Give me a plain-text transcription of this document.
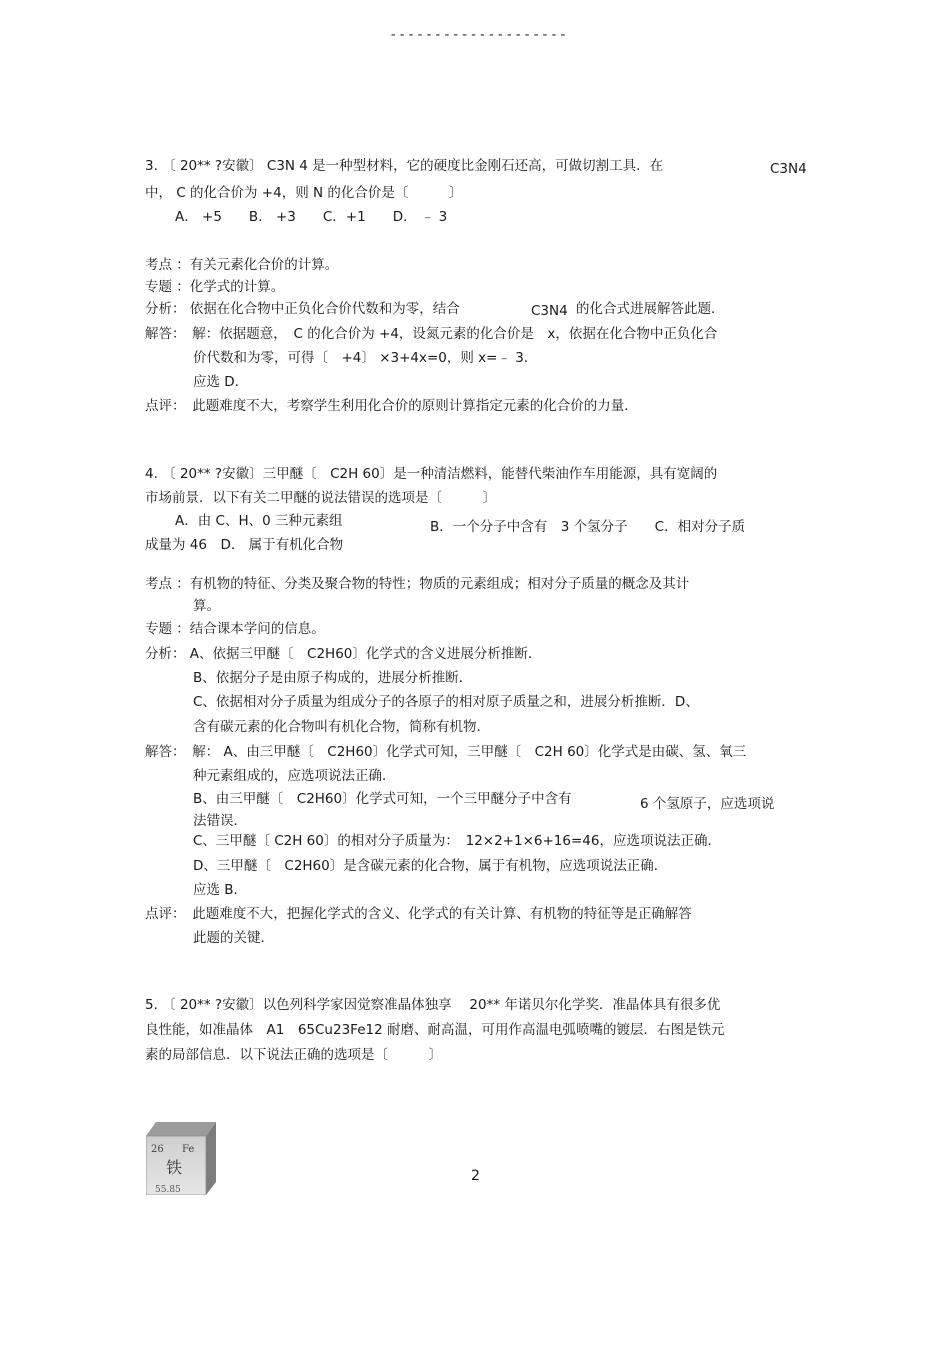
--------------------
3. 〔 20** ?安徽〕 C3N 4 是一种型材料，它的硬度比金刚石还高，可做切割工具．在	C3N4
中， C 的化合价为 +4，则 N 的化合价是〔　　　〕
A． +5　　B． +3　　C．+1　　D． ﹣ 3
考点 ：有关元素化合价的计算。
专题 ：化学式的计算。
分析： 依据在化合物中正负化合价代数和为零，结合	C3N4 的化合式进展解答此题．
解答：　解：依据题意，　C 的化合价为 +4，设氮元素的化合价是　x，依据在化合物中正负化合
价代数和为零，可得〔　+4〕 ×3+4x=0，则 x=﹣ 3．
应选 D．
点评：　此题难度不大，考察学生利用化合价的原则计算指定元素的化合价的力量．
4. 〔 20** ?安徽〕三甲醚〔　C2H 60〕是一种清洁燃料，能替代柴油作车用能源，具有宽阔的
市场前景．以下有关二甲醚的说法错误的选项是〔　　　〕
A．由 C、H、0 三种元素组	B．一个分子中含有　3 个氢分子　　C．相对分子质
成量为 46　D． 属于有机化合物
考点 ：有机物的特征、分类及聚合物的特性；物质的元素组成；相对分子质量的概念及其计
算。
专题 ：结合课本学问的信息。
分析： A、依据三甲醚〔　C2H60〕化学式的含义进展分析推断．
B、依据分子是由原子构成的，进展分析推断．
C、依据相对分子质量为组成分子的各原子的相对原子质量之和，进展分析推断．D、
含有碳元素的化合物叫有机化合物，简称有机物．
解答：　解： A、由三甲醚〔　C2H60〕化学式可知，三甲醚〔　C2H 60〕化学式是由碳、氢、氧三
种元素组成的，应选项说法正确．
B、由三甲醚〔　C2H60〕化学式可知，一个三甲醚分子中含有	6 个氢原子，应选项说
法错误．
C、三甲醚〔 C2H 60〕的相对分子质量为：　12×2+1×6+16=46，应选项说法正确．
D、三甲醚〔　C2H60〕是含碳元素的化合物，属于有机物，应选项说法正确．
应选 B．
点评：　此题难度不大，把握化学式的含义、化学式的有关计算、有机物的特征等是正确解答
此题的关键．
5. 〔 20** ?安徽〕以色列科学家因觉察准晶体独享　 20** 年诺贝尔化学奖．准晶体具有很多优
良性能，如准晶体　A1　65Cu23Fe12 耐磨、耐高温，可用作高温电弧喷嘴的镀层．右图是铁元
素的局部信息．以下说法正确的选项是〔　　　〕
26 Fe
铁
55.85
2
